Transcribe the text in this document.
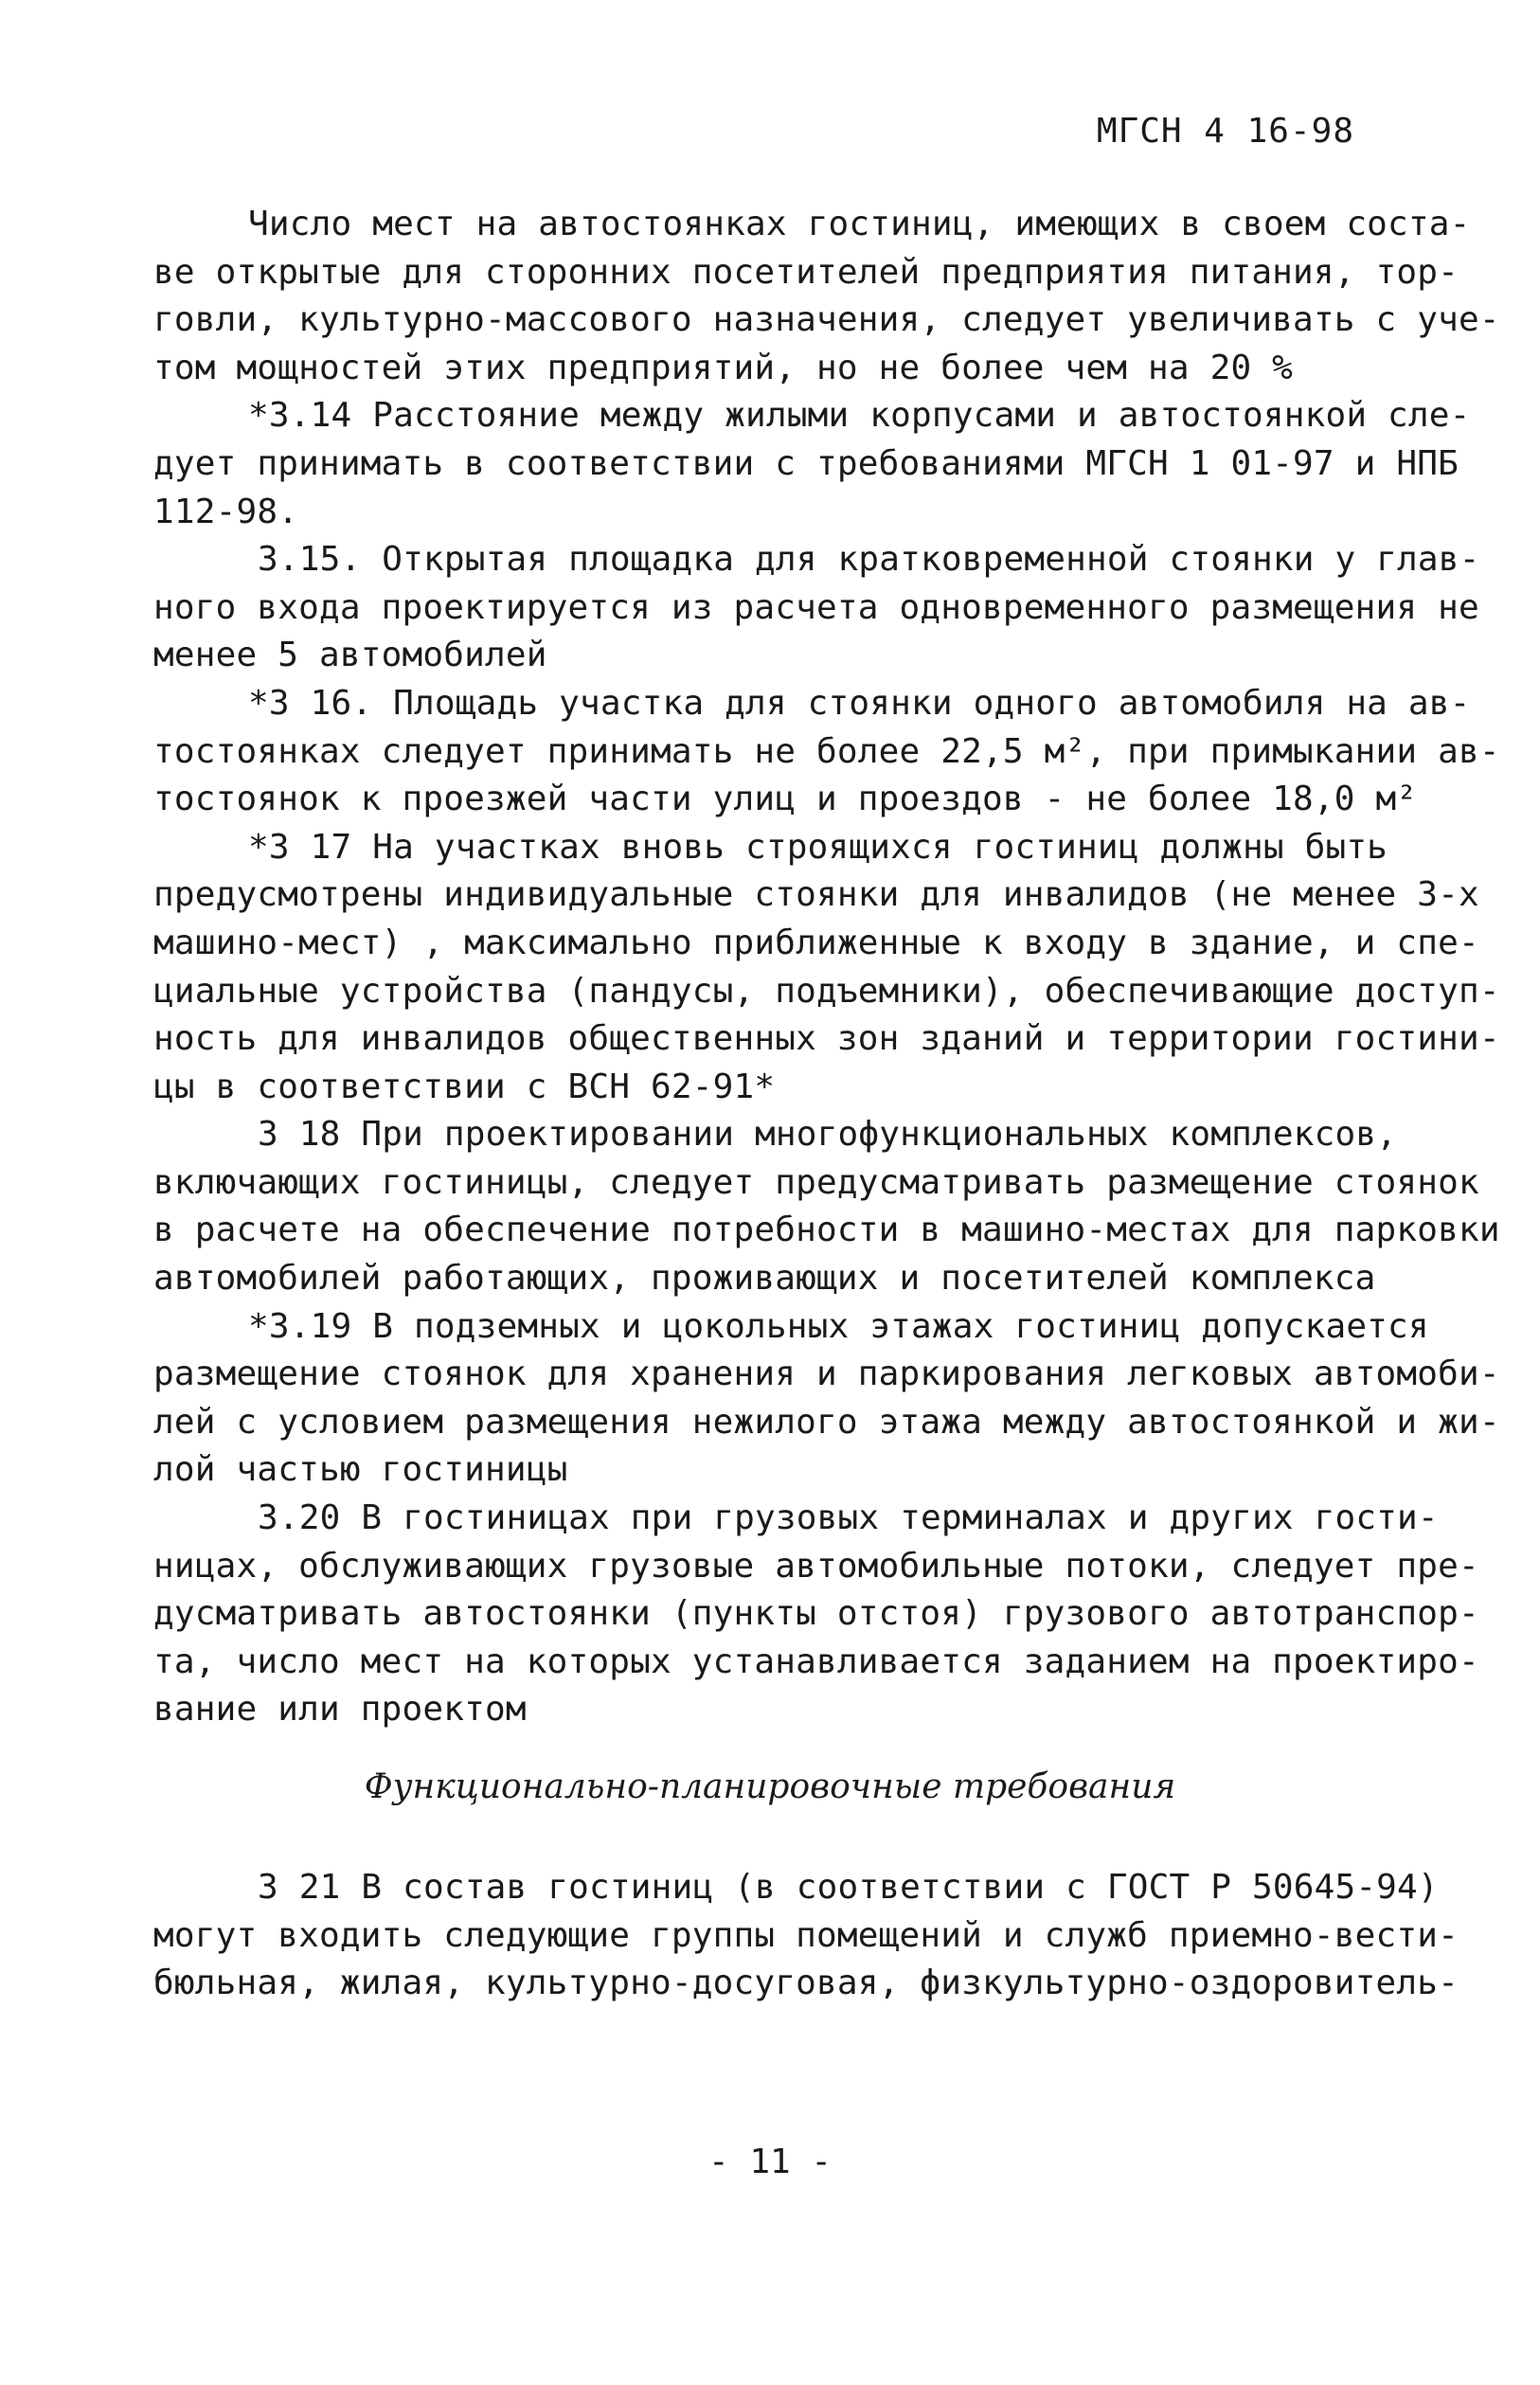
МГСН 4 16-98
Число мест на автостоянках гостиниц, имеющих в своем соста-
ве открытые для сторонних посетителей предприятия питания, тор-
говли, культурно-массового назначения, следует увеличивать с уче-
том мощностей этих предприятий, но не более чем на 20 %
*3.14 Расстояние между жилыми корпусами и автостоянкой сле-
дует принимать в соответствии с требованиями МГСН 1 01-97 и НПБ
112-98.
3.15. Открытая площадка для кратковременной стоянки у глав-
ного входа проектируется из расчета одновременного размещения не
менее 5 автомобилей
*3 16. Площадь участка для стоянки одного автомобиля на ав-
тостоянках следует принимать не более 22,5 м², при примыкании ав-
тостоянок к проезжей части улиц и проездов - не более 18,0 м²
*3 17 На участках вновь строящихся гостиниц должны быть
предусмотрены индивидуальные стоянки для инвалидов (не менее 3-х
машино-мест) , максимально приближенные к входу в здание, и спе-
циальные устройства (пандусы, подъемники), обеспечивающие доступ-
ность для инвалидов общественных зон зданий и территории гостини-
цы в соответствии с ВСН 62-91*
3 18 При проектировании многофункциональных комплексов,
включающих гостиницы, следует предусматривать размещение стоянок
в расчете на обеспечение потребности в машино-местах для парковки
автомобилей работающих, проживающих и посетителей комплекса
*3.19 В подземных и цокольных этажах гостиниц допускается
размещение стоянок для хранения и паркирования легковых автомоби-
лей с условием размещения нежилого этажа между автостоянкой и жи-
лой частью гостиницы
3.20 В гостиницах при грузовых терминалах и других гости-
ницах, обслуживающих грузовые автомобильные потоки, следует пре-
дусматривать автостоянки (пункты отстоя) грузового автотранспор-
та, число мест на которых устанавливается заданием на проектиро-
вание или проектом
Функционально-планировочные требования
3 21 В состав гостиниц (в соответствии с ГОСТ Р 50645-94)
могут входить следующие группы помещений и служб приемно-вести-
бюльная, жилая, культурно-досуговая, физкультурно-оздоровитель-
- 11 -
